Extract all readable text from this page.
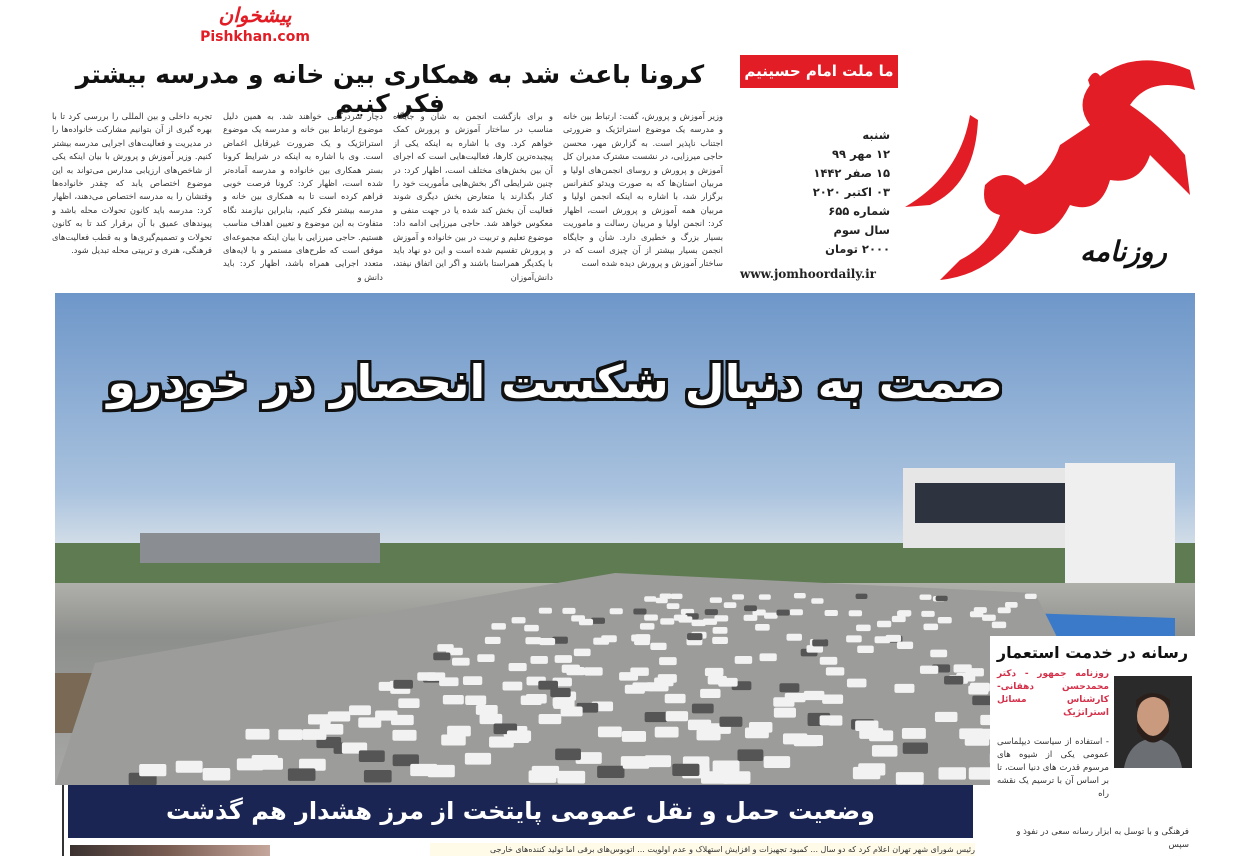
کرونا باعث شد به همکاری بین خانه و مدرسه بیشتر فکر کنیم
پیشخوان
Pishkhan.com
وزیر آموزش و پرورش، گفت: ارتباط بین خانه و مدرسه یک موضوع استراتژیک و ضرورتی اجتناب ناپذیر است. به گزارش مهر، محسن حاجی میرزایی، در نشست مشترک مدیران کل آموزش و پرورش و روسای انجمن‌های اولیا و مربیان استان‌ها که به صورت ویدئو کنفرانس برگزار شد، با اشاره به اینکه انجمن اولیا و مربیان همه آموزش و پرورش است، اظهار کرد: انجمن اولیا و مربیان رسالت و ماموریت بسیار بزرگ و خطیری دارد. شأن و جایگاه انجمن بسیار بیشتر از آن چیزی است که در ساختار آموزش و پرورش دیده شده است
و برای بازگشت انجمن به شأن و جایگاه مناسب در ساختار آموزش و پرورش کمک خواهم کرد. وی با اشاره به اینکه یکی از پیچیده‌ترین کارها، فعالیت‌هایی است که اجرای آن بین بخش‌های مختلف است، اظهار کرد: در چنین شرایطی اگر بخش‌هایی مأموریت خود را کنار بگذارند یا متعارض بخش دیگری شوند فعالیت آن بخش کند شده یا در جهت منفی و معکوس خواهد شد. حاجی میرزایی ادامه داد: موضوع تعلیم و تربیت در بین خانواده و آموزش و پرورش تقسیم شده است و این دو نهاد باید با یکدیگر همراستا باشند و اگر این اتفاق نیفتد، دانش‌آموزان
دچار سردرگمی خواهند شد. به همین دلیل موضوع ارتباط بین خانه و مدرسه یک موضوع استراتژیک و یک ضرورت غیرقابل اغماض است. وی با اشاره به اینکه در شرایط کرونا بستر همکاری بین خانواده و مدرسه آماده‌تر شده است، اظهار کرد: کرونا فرصت خوبی فراهم کرده است تا به همکاری بین خانه و مدرسه بیشتر فکر کنیم، بنابراین نیازمند نگاه متفاوت به این موضوع و تعیین اهداف مناسب هستیم. حاجی میرزایی با بیان اینکه مجموعه‌ای موفق است که طرح‌های مستمر و با لایه‌های متعدد اجرایی همراه باشد، اظهار کرد: باید دانش و
تجربه داخلی و بین المللی را بررسی کرد تا با بهره گیری از آن بتوانیم مشارکت خانواده‌ها را در مدیریت و فعالیت‌های اجرایی مدرسه بیشتر کنیم. وزیر آموزش و پرورش با بیان اینکه یکی از شاخص‌های ارزیابی مدارس می‌تواند به این موضوع اختصاص یابد که چقدر خانواده‌ها وقتشان را به مدرسه اختصاص می‌دهند، اظهار کرد: مدرسه باید کانون تحولات محله باشد و پیوندهای عمیق با آن برقرار کند تا به کانون تحولات و تصمیم‌گیری‌ها و به قطب فعالیت‌های فرهنگی، هنری و تربیتی محله تبدیل شود.
ما ملت امام حسینیم
شنبه
۱۲ مهر ۹۹
۱۵ صفر ۱۴۴۲
۰۳ اکتبر ۲۰۲۰
شماره ۶۵۵
سال سوم
۲۰۰۰ تومان
www.jomhoordaily.ir
روزنامه
صمت به دنبال شکست انحصار در خودرو
رسانه در خدمت استعمار
روزنامه جمهور - دکتر محمدحسن دهقانی- کارشناس مسائل استراتژیک
- استفاده از سیاست دیپلماسی عمومی یکی از شیوه های مرسوم قدرت های دنیا است، تا بر اساس آن با ترسیم یک نقشه راه
فرهنگی و با توسل به ابزار رسانه سعی در نفوذ و سپس
وضعیت حمل و نقل عمومی پایتخت از مرز هشدار هم گذشت
رئیس شورای شهر تهران اعلام کرد که دو سال ... کمبود تجهیزات و افزایش استهلاک و عدم اولویت ... اتوبوس‌های برقی اما تولید کننده‌های خارجی
